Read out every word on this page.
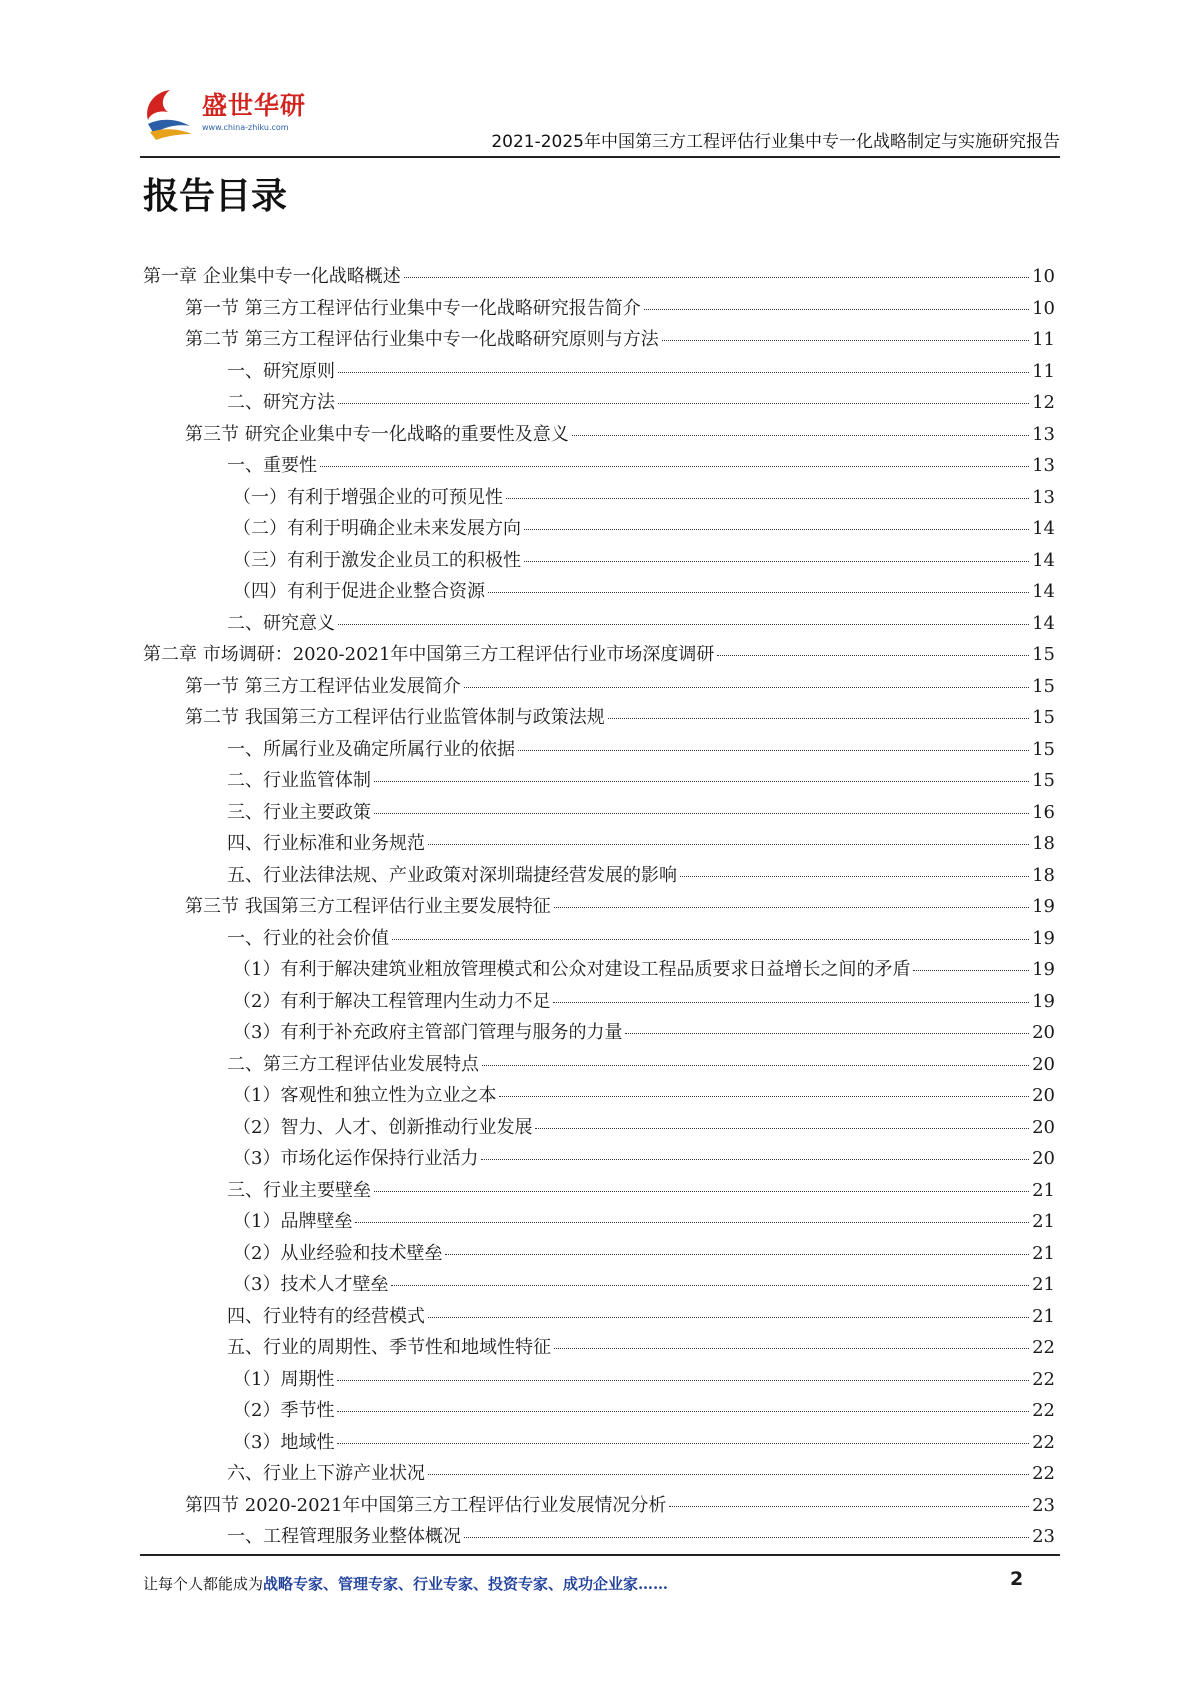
盛世华研
www.china-zhiku.com
2021-2025年中国第三方工程评估行业集中专一化战略制定与实施研究报告
报告目录
第一章 企业集中专一化战略概述	10
第一节 第三方工程评估行业集中专一化战略研究报告简介	10
第二节 第三方工程评估行业集中专一化战略研究原则与方法	11
一、研究原则	11
二、研究方法	12
第三节 研究企业集中专一化战略的重要性及意义	13
一、重要性	13
（一）有利于增强企业的可预见性	13
（二）有利于明确企业未来发展方向	14
（三）有利于激发企业员工的积极性	14
（四）有利于促进企业整合资源	14
二、研究意义	14
第二章 市场调研：2020-2021年中国第三方工程评估行业市场深度调研	15
第一节 第三方工程评估业发展简介	15
第二节 我国第三方工程评估行业监管体制与政策法规	15
一、所属行业及确定所属行业的依据	15
二、行业监管体制	15
三、行业主要政策	16
四、行业标准和业务规范	18
五、行业法律法规、产业政策对深圳瑞捷经营发展的影响	18
第三节 我国第三方工程评估行业主要发展特征	19
一、行业的社会价值	19
（1）有利于解决建筑业粗放管理模式和公众对建设工程品质要求日益增长之间的矛盾	19
（2）有利于解决工程管理内生动力不足	19
（3）有利于补充政府主管部门管理与服务的力量	20
二、第三方工程评估业发展特点	20
（1）客观性和独立性为立业之本	20
（2）智力、人才、创新推动行业发展	20
（3）市场化运作保持行业活力	20
三、行业主要壁垒	21
（1）品牌壁垒	21
（2）从业经验和技术壁垒	21
（3）技术人才壁垒	21
四、行业特有的经营模式	21
五、行业的周期性、季节性和地域性特征	22
（1）周期性	22
（2）季节性	22
（3）地域性	22
六、行业上下游产业状况	22
第四节 2020-2021年中国第三方工程评估行业发展情况分析	23
一、工程管理服务业整体概况	23
让每个人都能成为战略专家、管理专家、行业专家、投资专家、成功企业家……	2
